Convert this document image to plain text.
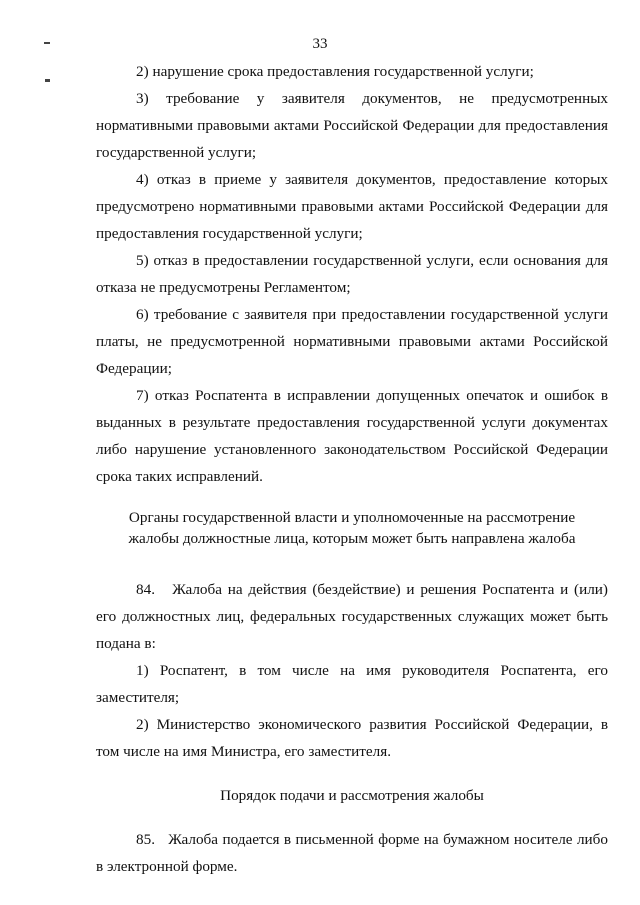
33

2) нарушение срока предоставления государственной услуги;

3) требование у заявителя документов, не предусмотренных нормативными правовыми актами Российской Федерации для предоставления государственной услуги;

4) отказ в приеме у заявителя документов, предоставление которых предусмотрено нормативными правовыми актами Российской Федерации для предоставления государственной услуги;

5) отказ в предоставлении государственной услуги, если основания для отказа не предусмотрены Регламентом;

6) требование с заявителя при предоставлении государственной услуги платы, не предусмотренной нормативными правовыми актами Российской Федерации;

7) отказ Роспатента в исправлении допущенных опечаток и ошибок в выданных в результате предоставления государственной услуги документах либо нарушение установленного законодательством Российской Федерации срока таких исправлений.

Органы государственной власти и уполномоченные на рассмотрение жалобы должностные лица, которым может быть направлена жалоба

84.   Жалоба на действия (бездействие) и решения Роспатента и (или) его должностных лиц, федеральных государственных служащих может быть подана в:

1) Роспатент, в том числе на имя руководителя Роспатента, его заместителя;

2) Министерство экономического развития Российской Федерации, в том числе на имя Министра, его заместителя.

Порядок подачи и рассмотрения жалобы

85.   Жалоба подается в письменной форме на бумажном носителе либо в электронной форме.
